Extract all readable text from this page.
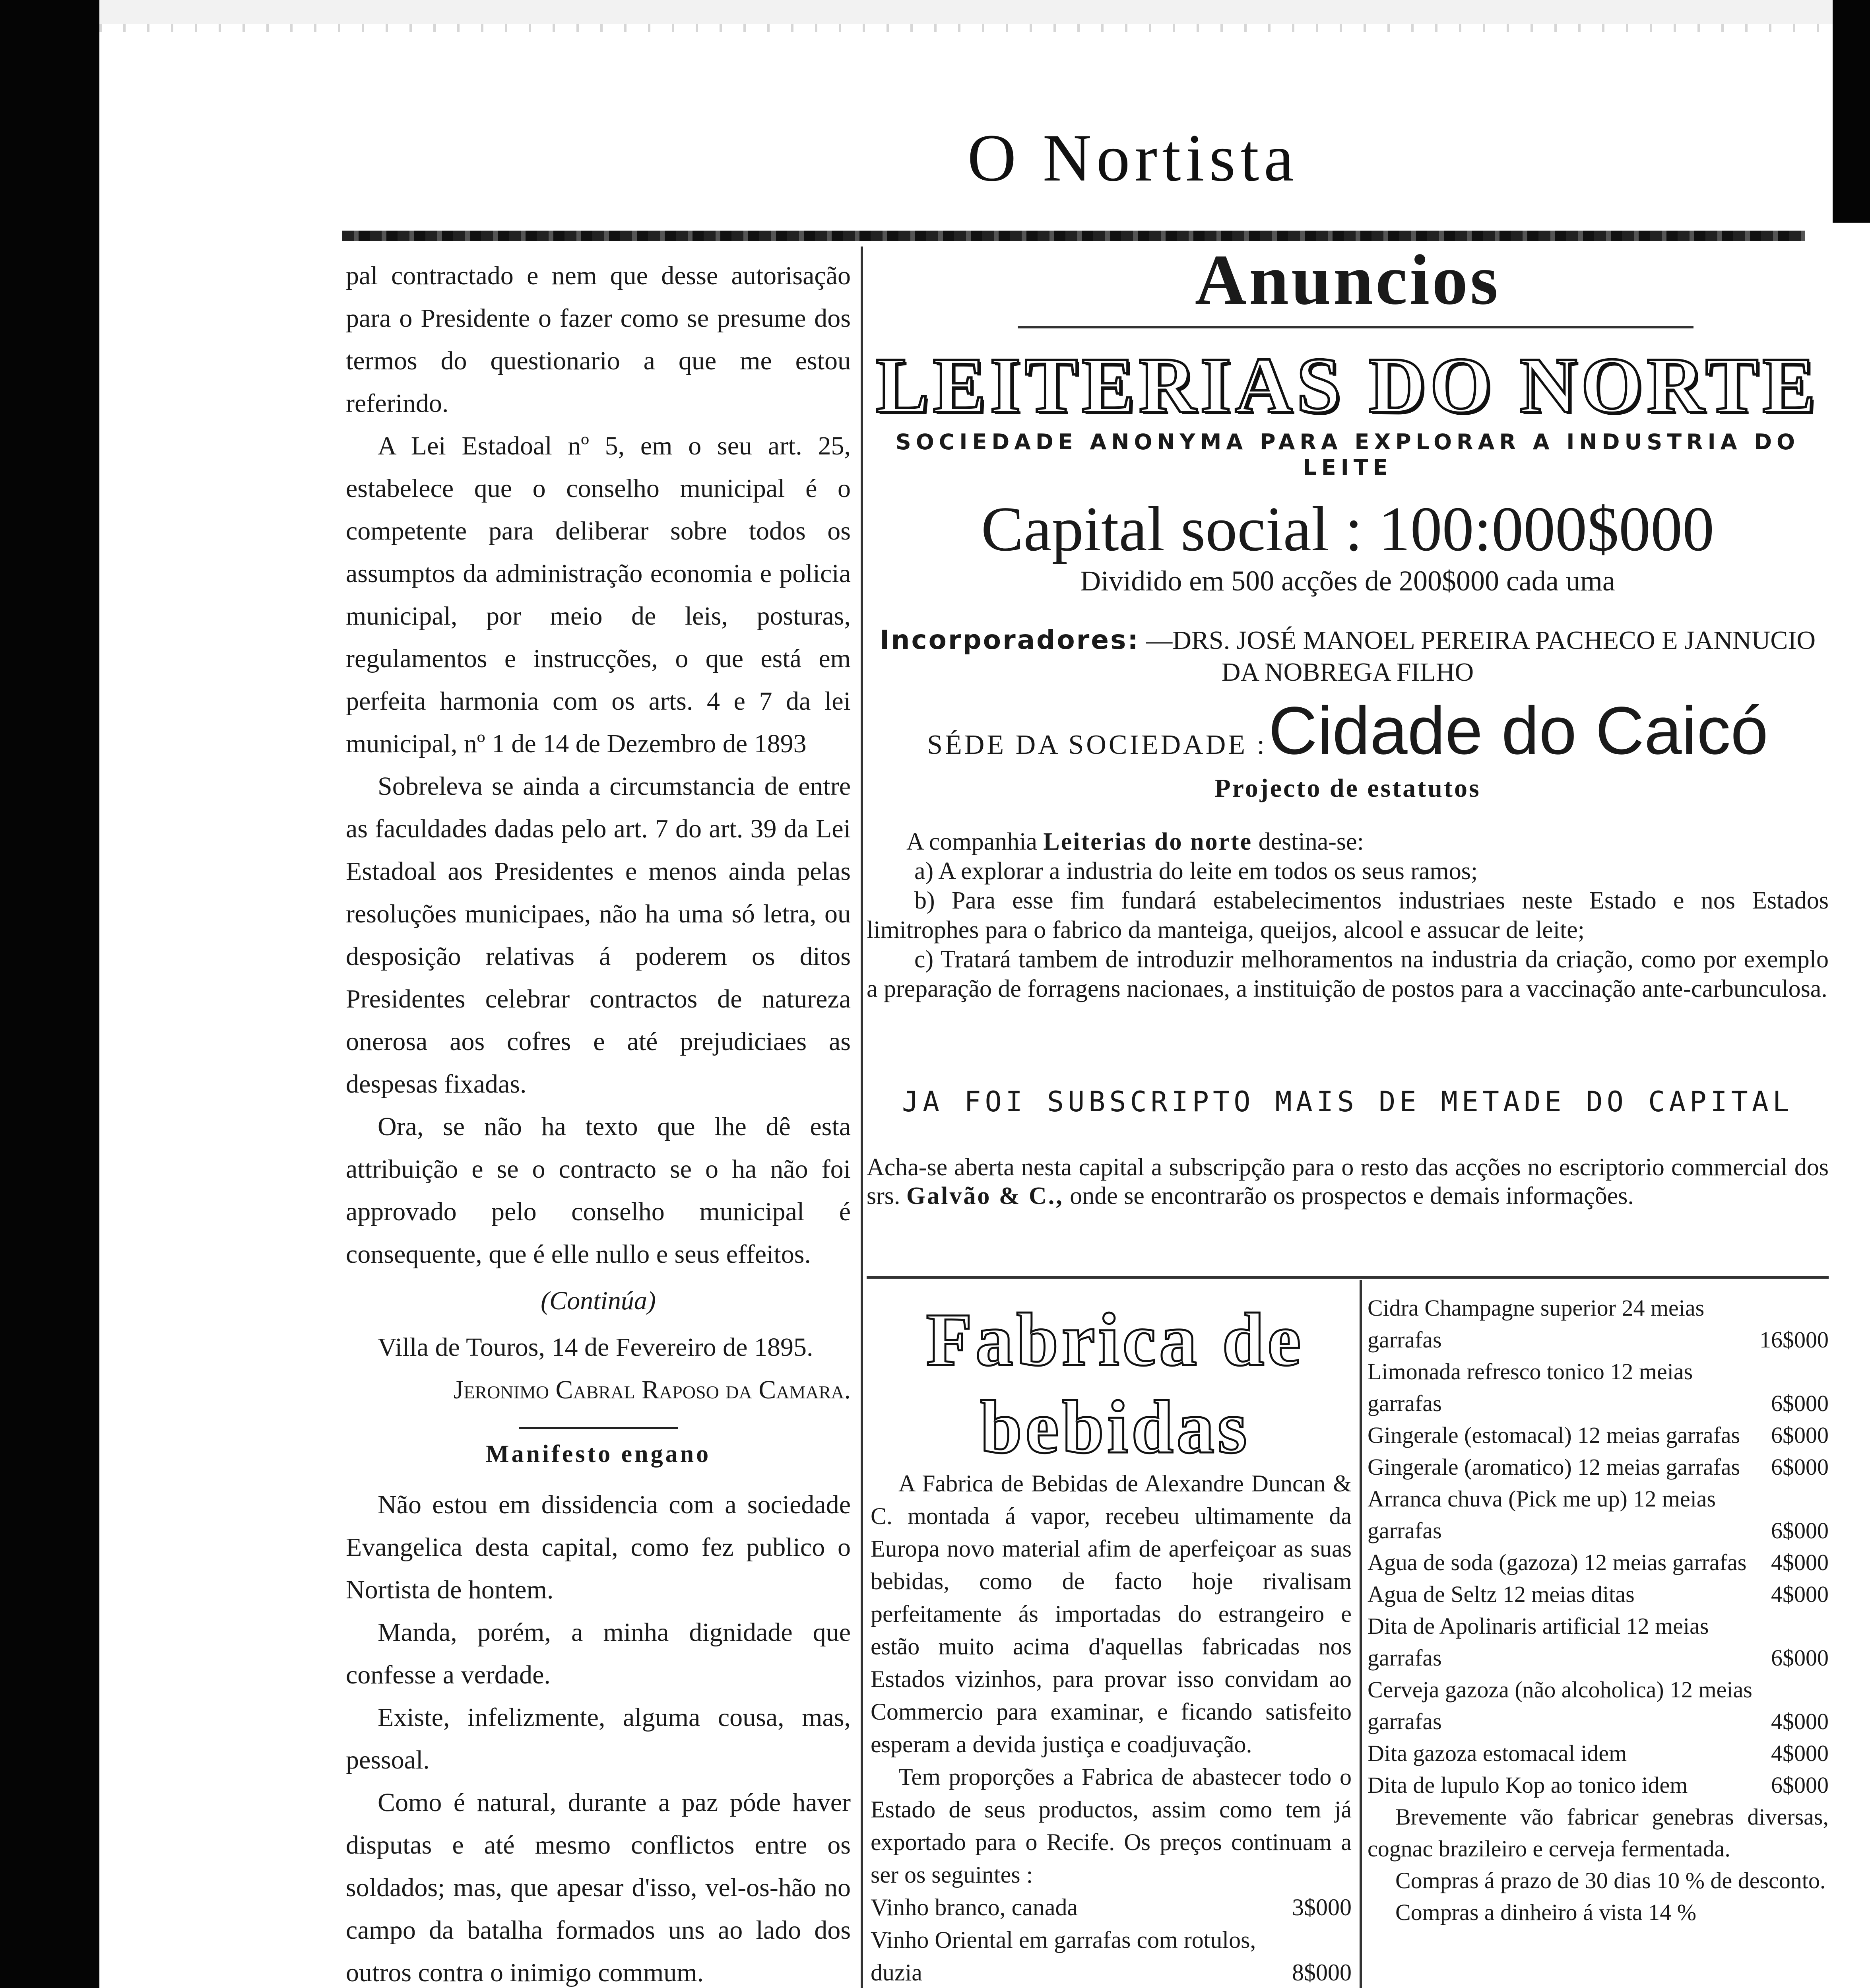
O Nortista

pal contractado e nem que desse autorisação para o Presidente o fazer como se presume dos termos do questionario a que me estou referindo.

A Lei Estadoal nº 5, em o seu art. 25, estabelece que o conselho municipal é o competente para deliberar sobre todos os assumptos da administração economia e policia municipal, por meio de leis, posturas, regulamentos e instrucções, o que está em perfeita harmonia com os arts. 4 e 7 da lei municipal, nº 1 de 14 de Dezembro de 1893

Sobreleva se ainda a circumstancia de entre as faculdades dadas pelo art. 7 do art. 39 da Lei Estadoal aos Presidentes e menos ainda pelas resoluções municipaes, não ha uma só letra, ou desposição relativas á poderem os ditos Presidentes celebrar contractos de natureza onerosa aos cofres e até prejudiciaes as despesas fixadas.

Ora, se não ha texto que lhe dê esta attribuição e se o contracto se o ha não foi approvado pelo conselho municipal é consequente, que é elle nullo e seus effeitos.

(Continúa)

Villa de Touros, 14 de Fevereiro de 1895.

Jeronimo Cabral Raposo da Camara.

Manifesto engano

Não estou em dissidencia com a sociedade Evangelica desta capital, como fez publico o Nortista de hontem.

Manda, porém, a minha dignidade que confesse a verdade.

Existe, infelizmente, alguma cousa, mas, pessoal.

Como é natural, durante a paz póde haver disputas e até mesmo conflictos entre os soldados; mas, que apesar d'isso, vel-os-hão no campo da batalha formados uns ao lado dos outros contra o inimigo commum.

Anuncios
LEITERIAS DO NORTE
SOCIEDADE ANONYMA PARA EXPLORAR A INDUSTRIA DO LEITE
Capital social : 100:000$000
Dividido em 500 acções de 200$000 cada uma
Incorporadores: —DRS. JOSÉ MANOEL PEREIRA PACHECO E JANNUCIO DA NOBREGA FILHO
SÉDE DA SOCIEDADE : Cidade do Caicó
Projecto de estatutos

A companhia Leiterias do norte destina-se:

a) A explorar a industria do leite em todos os seus ramos;

b) Para esse fim fundará estabelecimentos industriaes neste Estado e nos Estados limitrophes para o fabrico da manteiga, queijos, alcool e assucar de leite;

c) Tratará tambem de introduzir melhoramentos na industria da criação, como por exemplo a preparação de forragens nacionaes, a instituição de postos para a vaccinação ante-carbunculosa.

JA FOI SUBSCRIPTO MAIS DE METADE DO CAPITAL
Acha-se aberta nesta capital a subscripção para o resto das acções no escriptorio commercial dos srs. Galvão & C., onde se encontrarão os prospectos e demais informações.
Fabrica de
bebidas

A Fabrica de Bebidas de Alexandre Duncan & C. montada á vapor, recebeu ultimamente da Europa novo material afim de aperfeiçoar as suas bebidas, como de facto hoje rivalisam perfeitamente ás importadas do estrangeiro e estão muito acima d'aquellas fabricadas nos Estados vizinhos, para provar isso convidam ao Commercio para examinar, e ficando satisfeito esperam a devida justiça e coadjuvação.

Tem proporções a Fabrica de abastecer todo o Estado de seus productos, assim como tem já exportado para o Recife. Os preços continuam a ser os seguintes :

Vinho branco, canada	3$000
Vinho Oriental em garrafas com rotulos, duzia	8$000
Cidra Champagne superior 24 meias garrafas	16$000
Limonada refresco tonico 12 meias garrafas	6$000
Gingerale (estomacal) 12 meias garrafas	6$000
Gingerale (aromatico) 12 meias garrafas	6$000
Arranca chuva (Pick me up) 12 meias garrafas	6$000
Agua de soda (gazoza) 12 meias garrafas	4$000
Agua de Seltz 12 meias ditas	4$000
Dita de Apolinaris artificial 12 meias garrafas	6$000
Cerveja gazoza (não alcoholica) 12 meias garrafas	4$000
Dita gazoza estomacal idem	4$000
Dita de lupulo Kop ao tonico idem	6$000

Brevemente vão fabricar genebras diversas, cognac brazileiro e cerveja fermentada.

Compras á prazo de 30 dias 10 % de desconto.

Compras a dinheiro á vista 14 %
